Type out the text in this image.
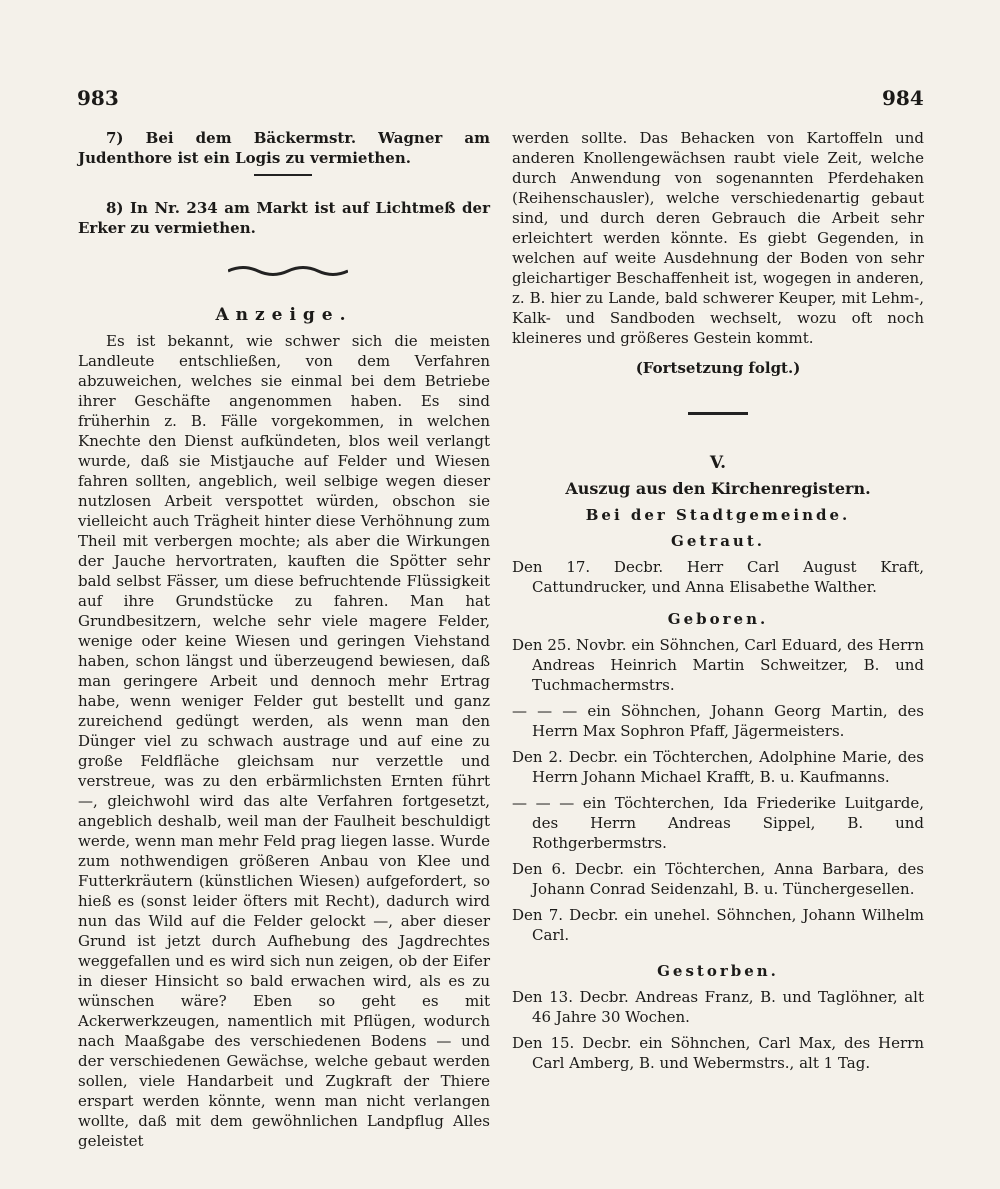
983	984

7) Bei dem Bäckermstr. Wagner am Judenthore ist ein Logis zu vermiethen.

8) In Nr. 234 am Markt ist auf Lichtmeß der Erker zu vermiethen.

Anzeige.

Es ist bekannt, wie schwer sich die meisten Landleute entschließen, von dem Verfahren abzuweichen, welches sie einmal bei dem Betriebe ihrer Geschäfte angenommen haben. Es sind früherhin z. B. Fälle vorgekommen, in welchen Knechte den Dienst aufkündeten, blos weil verlangt wurde, daß sie Mistjauche auf Felder und Wiesen fahren sollten, angeblich, weil selbige wegen dieser nutzlosen Arbeit verspottet würden, obschon sie vielleicht auch Trägheit hinter diese Verhöhnung zum Theil mit verbergen mochte; als aber die Wirkungen der Jauche hervortraten, kauften die Spötter sehr bald selbst Fässer, um diese befruchtende Flüssigkeit auf ihre Grundstücke zu fahren. Man hat Grundbesitzern, welche sehr viele magere Felder, wenige oder keine Wiesen und geringen Viehstand haben, schon längst und überzeugend bewiesen, daß man geringere Arbeit und dennoch mehr Ertrag habe, wenn weniger Felder gut bestellt und ganz zureichend gedüngt werden, als wenn man den Dünger viel zu schwach austrage und auf eine zu große Feldfläche gleichsam nur verzettle und verstreue, was zu den erbärmlichsten Ernten führt —, gleichwohl wird das alte Verfahren fortgesetzt, angeblich deshalb, weil man der Faulheit beschuldigt werde, wenn man mehr Feld prag liegen lasse. Wurde zum nothwendigen größeren Anbau von Klee und Futterkräutern (künstlichen Wiesen) aufgefordert, so hieß es (sonst leider öfters mit Recht), dadurch wird nun das Wild auf die Felder gelockt —, aber dieser Grund ist jetzt durch Aufhebung des Jagdrechtes weggefallen und es wird sich nun zeigen, ob der Eifer in dieser Hinsicht so bald erwachen wird, als es zu wünschen wäre? Eben so geht es mit Ackerwerkzeugen, namentlich mit Pflügen, wodurch nach Maaßgabe des verschiedenen Bodens — und der verschiedenen Gewächse, welche gebaut werden sollen, viele Handarbeit und Zugkraft der Thiere erspart werden könnte, wenn man nicht verlangen wollte, daß mit dem gewöhnlichen Landpflug Alles geleistet

werden sollte. Das Behacken von Kartoffeln und anderen Knollengewächsen raubt viele Zeit, welche durch Anwendung von sogenannten Pferdehaken (Reihenschausler), welche verschiedenartig gebaut sind, und durch deren Gebrauch die Arbeit sehr erleichtert werden könnte. Es giebt Gegenden, in welchen auf weite Ausdehnung der Boden von sehr gleichartiger Beschaffenheit ist, wogegen in anderen, z. B. hier zu Lande, bald schwerer Keuper, mit Lehm-, Kalk- und Sandboden wechselt, wozu oft noch kleineres und größeres Gestein kommt.

(Fortsetzung folgt.)
V.
Auszug aus den Kirchenregistern.
Bei der Stadtgemeinde.
Getraut.

Den 17. Decbr. Herr Carl August Kraft, Cattundrucker, und Anna Elisabethe Walther.

Geboren.

Den 25. Novbr. ein Söhnchen, Carl Eduard, des Herrn Andreas Heinrich Martin Schweitzer, B. und Tuchmachermstrs.

— — — ein Söhnchen, Johann Georg Martin, des Herrn Max Sophron Pfaff, Jägermeisters.

Den 2. Decbr. ein Töchterchen, Adolphine Marie, des Herrn Johann Michael Krafft, B. u. Kaufmanns.

— — — ein Töchterchen, Ida Friederike Luitgarde, des Herrn Andreas Sippel, B. und Rothgerbermstrs.

Den 6. Decbr. ein Töchterchen, Anna Barbara, des Johann Conrad Seidenzahl, B. u. Tünchergesellen.

Den 7. Decbr. ein unehel. Söhnchen, Johann Wilhelm Carl.

Gestorben.

Den 13. Decbr. Andreas Franz, B. und Taglöhner, alt 46 Jahre 30 Wochen.

Den 15. Decbr. ein Söhnchen, Carl Max, des Herrn Carl Amberg, B. und Webermstrs., alt 1 Tag.
